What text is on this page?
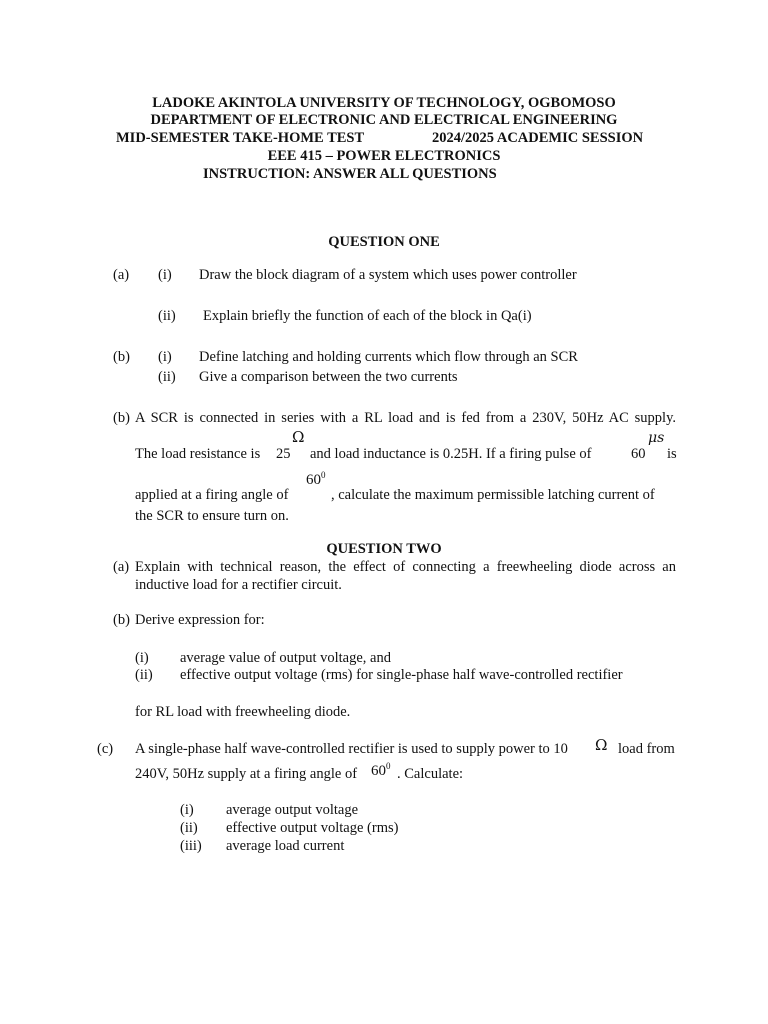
LADOKE AKINTOLA UNIVERSITY OF TECHNOLOGY, OGBOMOSO
DEPARTMENT OF ELECTRONIC AND ELECTRICAL ENGINEERING
MID-SEMESTER TAKE-HOME TEST	2024/2025 ACADEMIC SESSION
EEE 415 – POWER ELECTRONICS
INSTRUCTION: ANSWER ALL QUESTIONS
QUESTION ONE
(a) (i) Draw the block diagram of a system which uses power controller
(ii) Explain briefly the function of each of the block in Qa(i)
(b) (i) Define latching and holding currents which flow through an SCR
(ii) Give a comparison between the two currents
(b) A SCR is connected in series with a RL load and is fed from a 230V, 50Hz AC supply.
Ω	μs
The load resistance is 25 and load inductance is 0.25H. If a firing pulse of	60 is
$60^0$
applied at a firing angle of	, calculate the maximum permissible latching current of
the SCR to ensure turn on.
QUESTION TWO
(a) Explain with technical reason, the effect of connecting a freewheeling diode across an
inductive load for a rectifier circuit.
(b) Derive expression for:
(i) average value of output voltage, and
(ii) effective output voltage (rms) for single-phase half wave-controlled rectifier
for RL load with freewheeling diode.
(c) A single-phase half wave-controlled rectifier is used to supply power to 10 Ω load from
240V, 50Hz supply at a firing angle of $60^0$ . Calculate:
(i) average output voltage
(ii) effective output voltage (rms)
(iii) average load current
